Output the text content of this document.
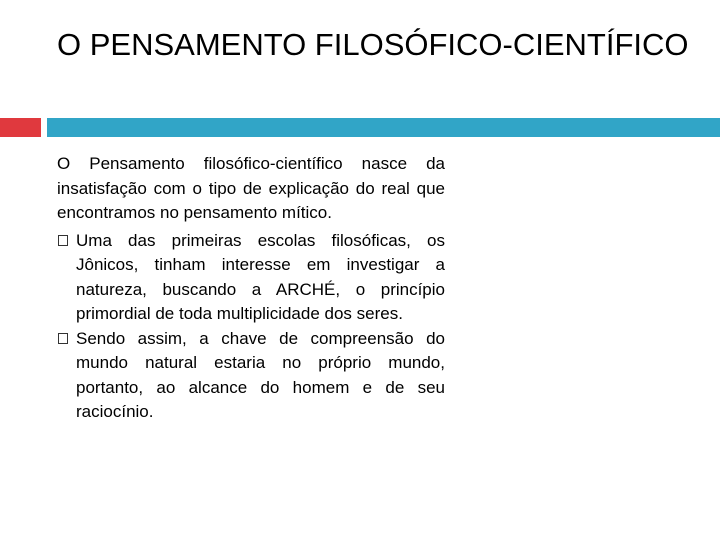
O PENSAMENTO FILOSÓFICO-CIENTÍFICO

O Pensamento filosófico-científico nasce da insatisfação com o tipo de explicação do real que encontramos no pensamento mítico.

Uma das primeiras escolas filosóficas, os Jônicos, tinham interesse em investigar a natureza, buscando a ARCHÉ, o princípio primordial de toda multiplicidade dos seres.
Sendo assim, a chave de compreensão do mundo natural estaria no próprio mundo, portanto, ao alcance do homem e de seu raciocínio.
